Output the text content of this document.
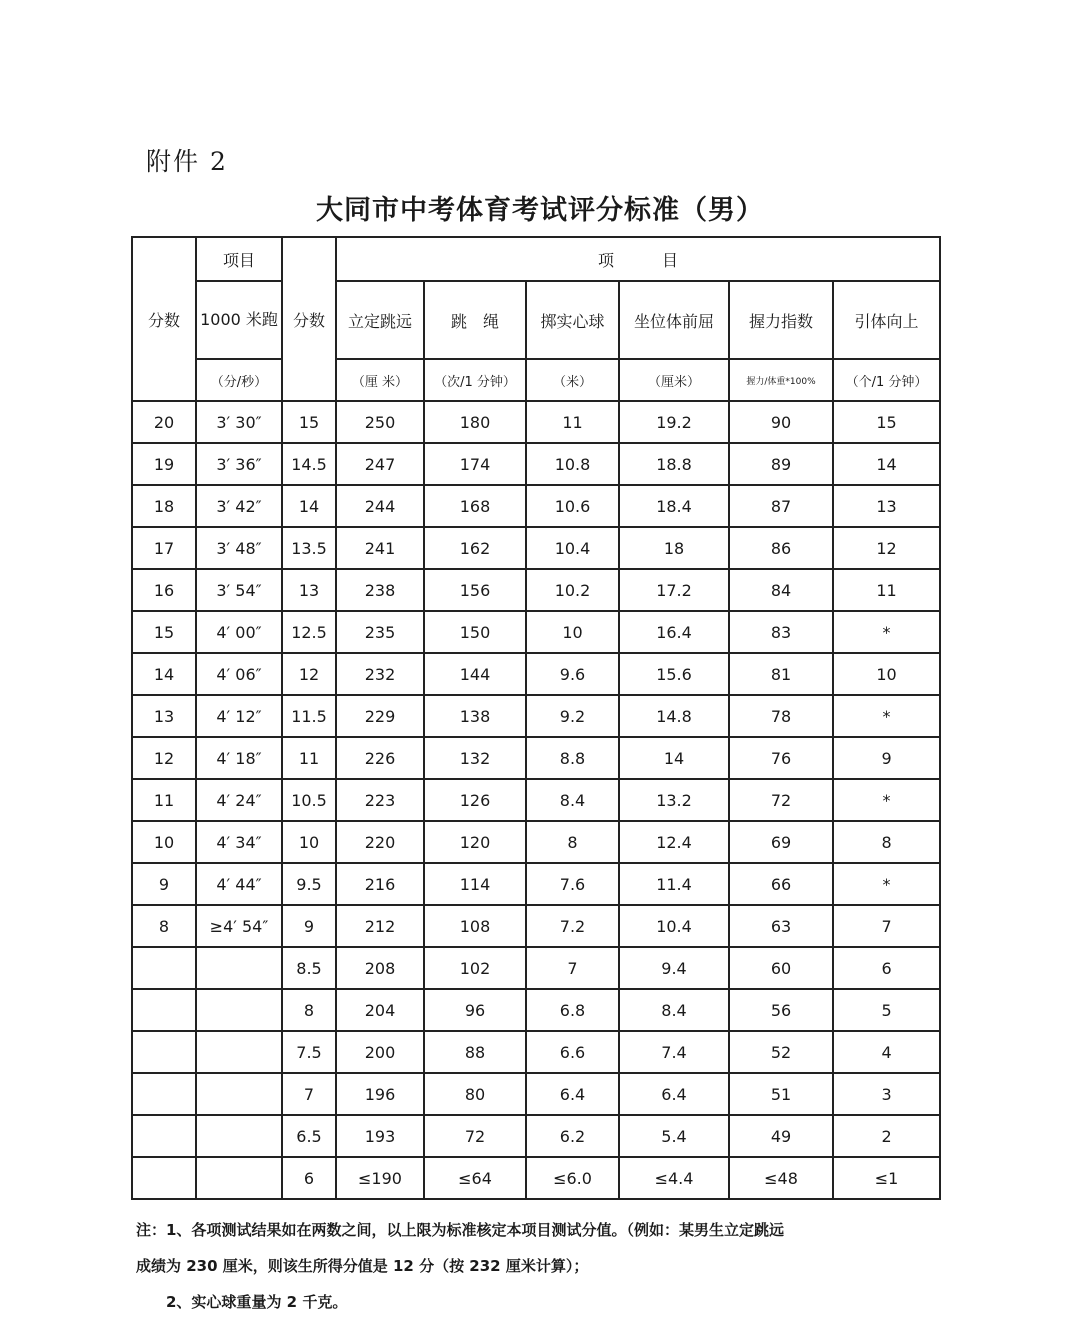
附件 2
大同市中考体育考试评分标准（男）
分数	项目	分数	项　　　目					
	1000 米跑		立定跳远	跳　绳	掷实心球	坐位体前屈	握力指数	引体向上
	（分/秒）		（厘 米）	（次/1 分钟）	（米）	（厘米）	握力/体重*100%	（个/1 分钟）
20	3′ 30″	15	250	180	11	19.2	90	15
19	3′ 36″	14.5	247	174	10.8	18.8	89	14
18	3′ 42″	14	244	168	10.6	18.4	87	13
17	3′ 48″	13.5	241	162	10.4	18	86	12
16	3′ 54″	13	238	156	10.2	17.2	84	11
15	4′ 00″	12.5	235	150	10	16.4	83	*
14	4′ 06″	12	232	144	9.6	15.6	81	10
13	4′ 12″	11.5	229	138	9.2	14.8	78	*
12	4′ 18″	11	226	132	8.8	14	76	9
11	4′ 24″	10.5	223	126	8.4	13.2	72	*
10	4′ 34″	10	220	120	8	12.4	69	8
9	4′ 44″	9.5	216	114	7.6	11.4	66	*
8	≥4′ 54″	9	212	108	7.2	10.4	63	7
		8.5	208	102	7	9.4	60	6
		8	204	96	6.8	8.4	56	5
		7.5	200	88	6.6	7.4	52	4
		7	196	80	6.4	6.4	51	3
		6.5	193	72	6.2	5.4	49	2
		6	≤190	≤64	≤6.0	≤4.4	≤48	≤1
注：1、各项测试结果如在两数之间，以上限为标准核定本项目测试分值。（例如：某男生立定跳远
成绩为 230 厘米，则该生所得分值是 12 分（按 232 厘米计算）；
2、实心球重量为 2 千克。
